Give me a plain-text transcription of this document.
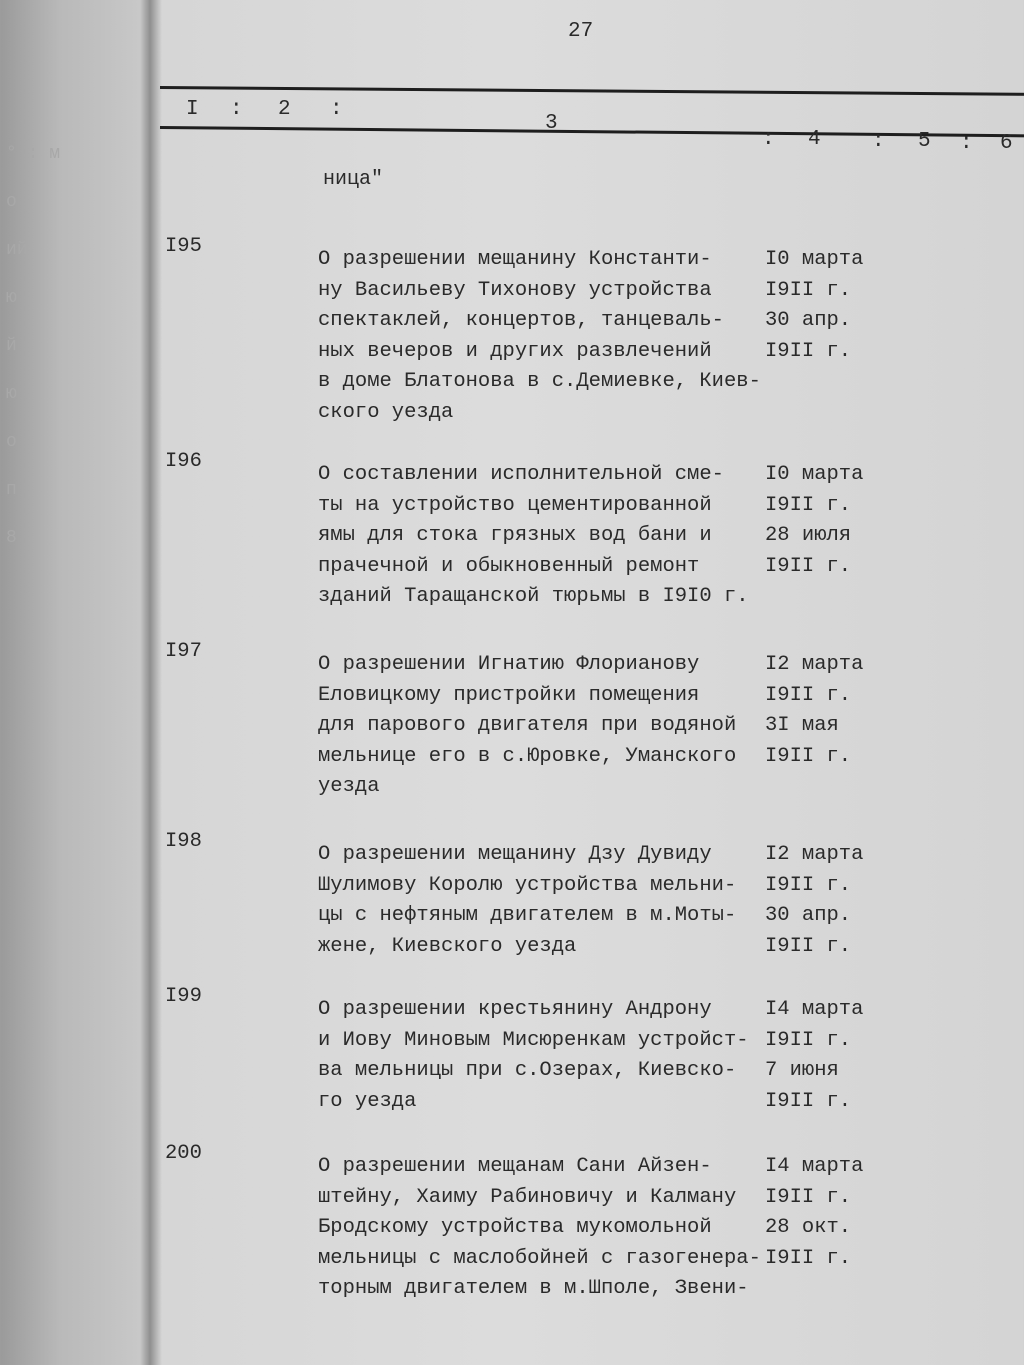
° : м
о
ий
ю
й
ю
о
п
8
27
I : 2 :
3
: 4 : 5 : 6
ница"
I95
О разрешении мещанину Константи-
ну Васильеву Тихонову устройства
спектаклей, концертов, танцеваль-
ных вечеров и других развлечений
в доме Блатонова в с.Демиевке, Киев-
ского уезда
I0 марта
I9II г.
30 апр.
I9II г.
I96
О составлении исполнительной сме-
ты на устройство цементированной
ямы для стока грязных вод бани и
прачечной и обыкновенный ремонт
зданий Таращанской тюрьмы в I9I0 г.
I0 марта
I9II г.
28 июля
I9II г.
I97
О разрешении Игнатию Флорианову
Еловицкому пристройки помещения
для парового двигателя при водяной
мельнице его в с.Юровке, Уманского
уезда
I2 марта
I9II г.
3I мая
I9II г.
I98
О разрешении мещанину Дзу Дувиду
Шулимову Королю устройства мельни-
цы с нефтяным двигателем в м.Моты-
жене, Киевского уезда
I2 марта
I9II г.
30 апр.
I9II г.
I99
О разрешении крестьянину Андрону
и Иову Миновым Мисюренкам устройст-
ва мельницы при с.Озерах, Киевско-
го уезда
I4 марта
I9II г.
7 июня
I9II г.
200
О разрешении мещанам Сани Айзен-
штейну, Хаиму Рабиновичу и Калману
Бродскому устройства мукомольной
мельницы с маслобойней с газогенера-
торным двигателем в м.Шполе, Звени-
I4 марта
I9II г.
28 окт.
I9II г.
